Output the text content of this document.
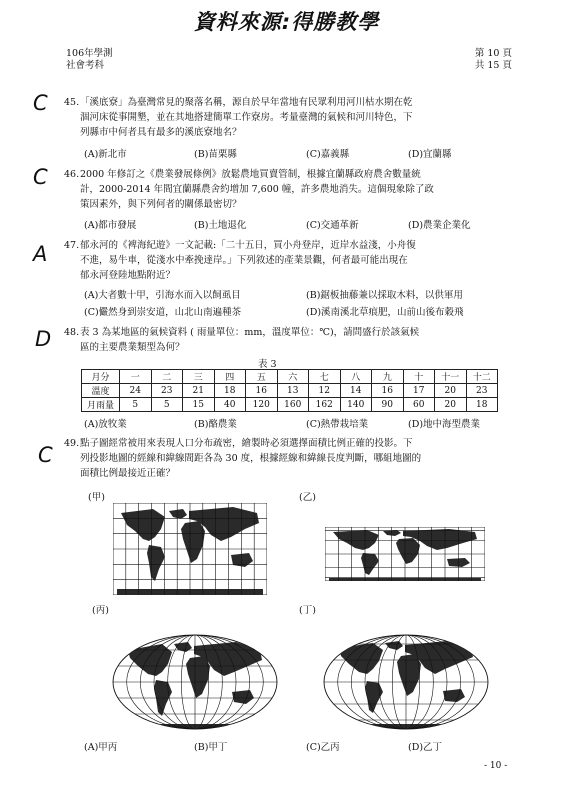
資料來源:得勝教學
106年學測
社會考科
第 10 頁
共 15 頁
C
C
A
D
C
45. 「溪底寮」為臺灣常見的聚落名稱，源自於早年當地有民眾利用河川枯水期在乾
涸河床從事開墾，並在其地搭建簡單工作寮房。考量臺灣的氣候和河川特色，下
列縣市中何者具有最多的溪底寮地名？
(A)新北市	(B)苗栗縣	(C)嘉義縣	(D)宜蘭縣
46. 2000 年修訂之《農業發展條例》放鬆農地買賣管制，根據宜蘭縣政府農舍數量統
計，2000-2014 年間宜蘭縣農舍約增加 7,600 幢，許多農地消失。這個現象除了政
策因素外，與下列何者的關係最密切？
(A)都市發展	(B)土地退化	(C)交通革新	(D)農業企業化
47. 郁永河的《裨海紀遊》一文記載:「二十五日，買小舟登岸，近岸水益淺，小舟復
不進，易牛車，從淺水中牽挽達岸。」下列敘述的產業景觀，何者最可能出現在
郁永河登陸地點附近？
(A)大者數十甲，引海水而入以飼虱目	(B)鋸板抽藤兼以採取木料，以供軍用
(C)儼然身到崇安道，山北山南遍種茶	(D)溪南溪北草痕肥，山前山後布穀飛
48. 表 3 為某地區的氣候資料 ( 雨量單位：mm，溫度單位：℃)，請問盛行於該氣候
區的主要農業類型為何？
表 3
月分	一	二	三	四	五	六	七	八	九	十	十一	十二
溫度	24	23	21	18	16	13	12	14	16	17	20	23
月雨量	5	5	15	40	120	160	162	140	90	60	20	18
(A)放牧業	(B)酪農業	(C)熱帶栽培業	(D)地中海型農業
49. 點子圖經常被用來表現人口分布疏密，繪製時必須選擇面積比例正確的投影。下
列投影地圖的經線和緯線間距各為 30 度，根據經線和緯線長度判斷，哪組地圖的
面積比例最接近正確？
(甲)	(乙)
(丙)	(丁)
(A)甲丙	(B)甲丁	(C)乙丙	(D)乙丁
- 10 -
